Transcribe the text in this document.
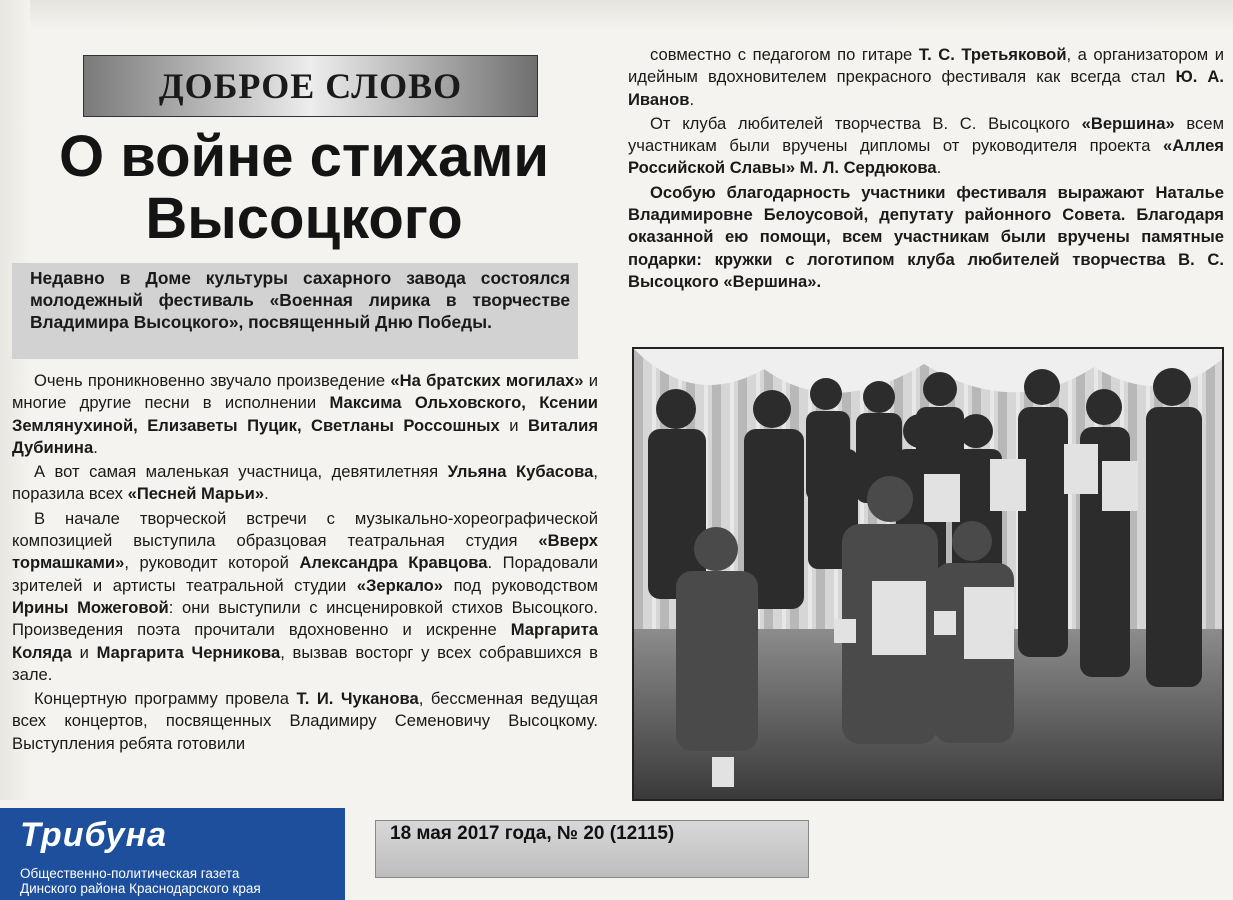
ДОБРОЕ СЛОВО
О войне стихами
Высоцкого
Недавно в Доме культуры сахарного завода состоялся молодежный фестиваль «Военная лирика в творчестве Владимира Высоцкого», посвященный Дню Победы.

Очень проникновенно звучало произведение «На братских могилах» и многие другие песни в исполнении Максима Ольховского, Ксении Землянухиной, Елизаветы Пуцик, Светланы Россошных и Виталия Дубинина.

А вот самая маленькая участница, девятилетняя Ульяна Кубасова, поразила всех «Песней Марьи».

В начале творческой встречи с музыкально-хореографической композицией выступила образцовая театральная студия «Вверх тормашками», руководит которой Александра Кравцова. Порадовали зрителей и артисты театральной студии «Зеркало» под руководством Ирины Можеговой: они выступили с инсценировкой стихов Высоцкого. Произведения поэта прочитали вдохновенно и искренне Маргарита Коляда и Маргарита Черникова, вызвав восторг у всех собравшихся в зале.

Концертную программу провела Т. И. Чуканова, бессменная ведущая всех концертов, посвященных Владимиру Семеновичу Высоцкому. Выступления ребята готовили

совместно с педагогом по гитаре Т. С. Третьяковой, а организатором и идейным вдохновителем прекрасного фестиваля как всегда стал Ю. А. Иванов.

От клуба любителей творчества В. С. Высоцкого «Вершина» всем участникам были вручены дипломы от руководителя проекта «Аллея Российской Славы» М. Л. Сердюкова.

Особую благодарность участники фестиваля выражают Наталье Владимировне Белоусовой, депутату районного Совета. Благодаря оказанной ею помощи, всем участникам были вручены памятные подарки: кружки с логотипом клуба любителей творчества В. С. Высоцкого «Вершина».

Трибуна
Общественно-политическая газета
Динского района Краснодарского края
18 мая 2017 года, № 20 (12115)
